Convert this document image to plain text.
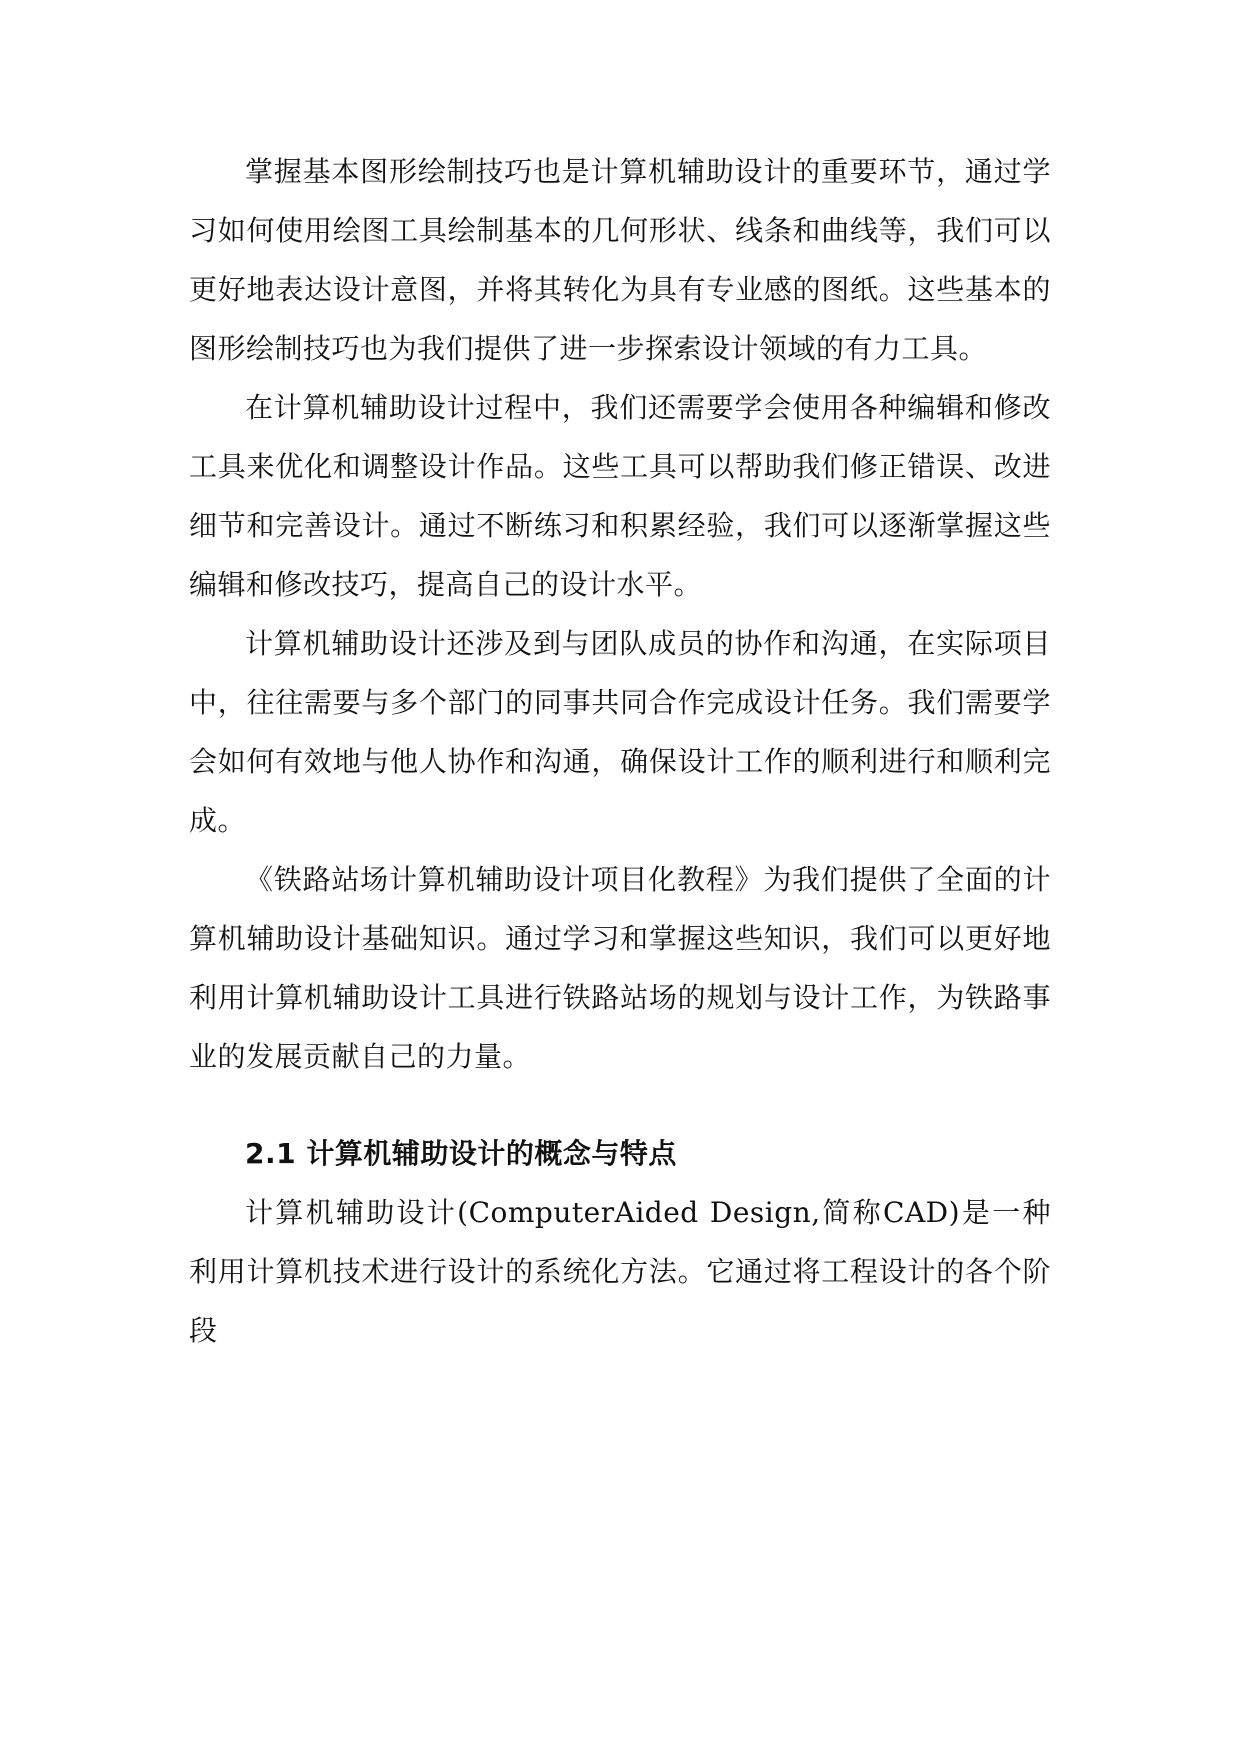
掌握基本图形绘制技巧也是计算机辅助设计的重要环节，通过学习如何使用绘图工具绘制基本的几何形状、线条和曲线等，我们可以更好地表达设计意图，并将其转化为具有专业感的图纸。这些基本的图形绘制技巧也为我们提供了进一步探索设计领域的有力工具。

在计算机辅助设计过程中，我们还需要学会使用各种编辑和修改工具来优化和调整设计作品。这些工具可以帮助我们修正错误、改进细节和完善设计。通过不断练习和积累经验，我们可以逐渐掌握这些编辑和修改技巧，提高自己的设计水平。

计算机辅助设计还涉及到与团队成员的协作和沟通，在实际项目中，往往需要与多个部门的同事共同合作完成设计任务。我们需要学会如何有效地与他人协作和沟通，确保设计工作的顺利进行和顺利完成。

《铁路站场计算机辅助设计项目化教程》为我们提供了全面的计算机辅助设计基础知识。通过学习和掌握这些知识，我们可以更好地利用计算机辅助设计工具进行铁路站场的规划与设计工作，为铁路事业的发展贡献自己的力量。

2.1 计算机辅助设计的概念与特点

计算机辅助设计(ComputerAided Design,简称CAD)是一种利用计算机技术进行设计的系统化方法。它通过将工程设计的各个阶段
